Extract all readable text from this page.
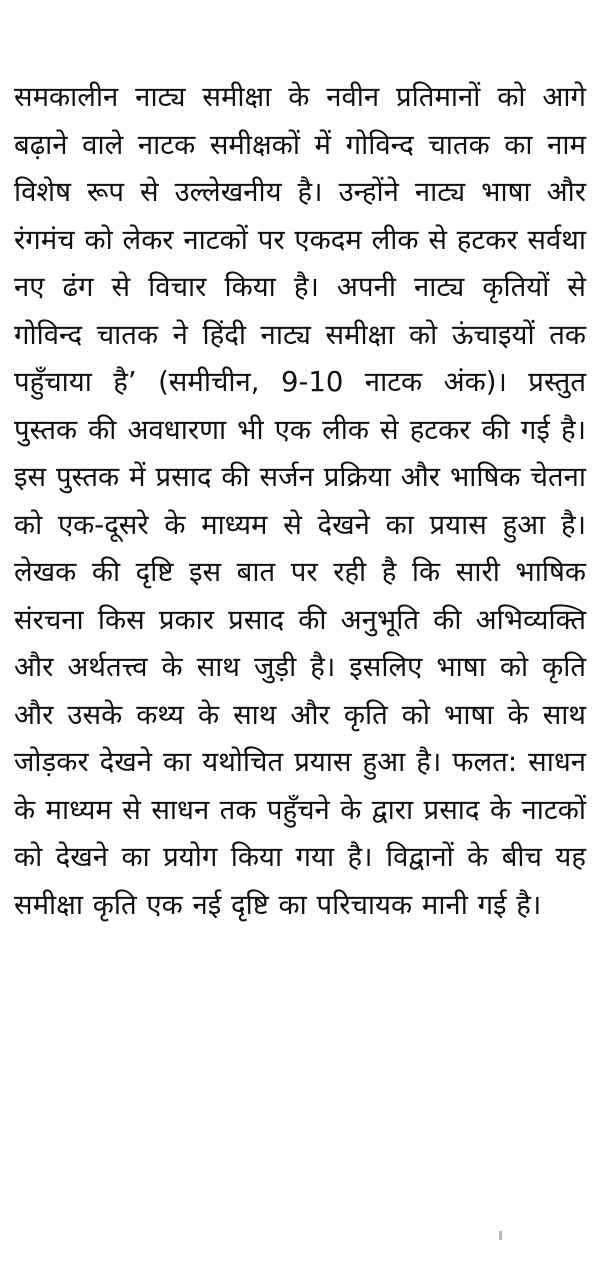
समकालीन नाट्य समीक्षा के नवीन प्रतिमानों को आगे बढ़ाने वाले नाटक समीक्षकों में गोविन्द चातक का नाम विशेष रूप से उल्लेखनीय है। उन्होंने नाट्य भाषा और रंगमंच को लेकर नाटकों पर एकदम लीक से हटकर सर्वथा नए ढंग से विचार किया है। अपनी नाट्य कृतियों से गोविन्द चातक ने हिंदी नाट्य समीक्षा को ऊंचाइयों तक पहुँचाया है’ (समीचीन, 9-10 नाटक अंक)। प्रस्तुत पुस्तक की अवधारणा भी एक लीक से हटकर की गई है। इस पुस्तक में प्रसाद की सर्जन प्रक्रिया और भाषिक चेतना को एक-दूसरे के माध्यम से देखने का प्रयास हुआ है। लेखक की दृष्टि इस बात पर रही है कि सारी भाषिक संरचना किस प्रकार प्रसाद की अनुभूति की अभिव्यक्ति और अर्थतत्त्व के साथ जुड़ी है। इसलिए भाषा को कृति और उसके कथ्य के साथ और कृति को भाषा के साथ जोड़कर देखने का यथोचित प्रयास हुआ है। फलत: साधन के माध्यम से साधन तक पहुँचने के द्वारा प्रसाद के नाटकों को देखने का प्रयोग किया गया है। विद्वानों के बीच यह समीक्षा कृति एक नई दृष्टि का परिचायक मानी गई है।
